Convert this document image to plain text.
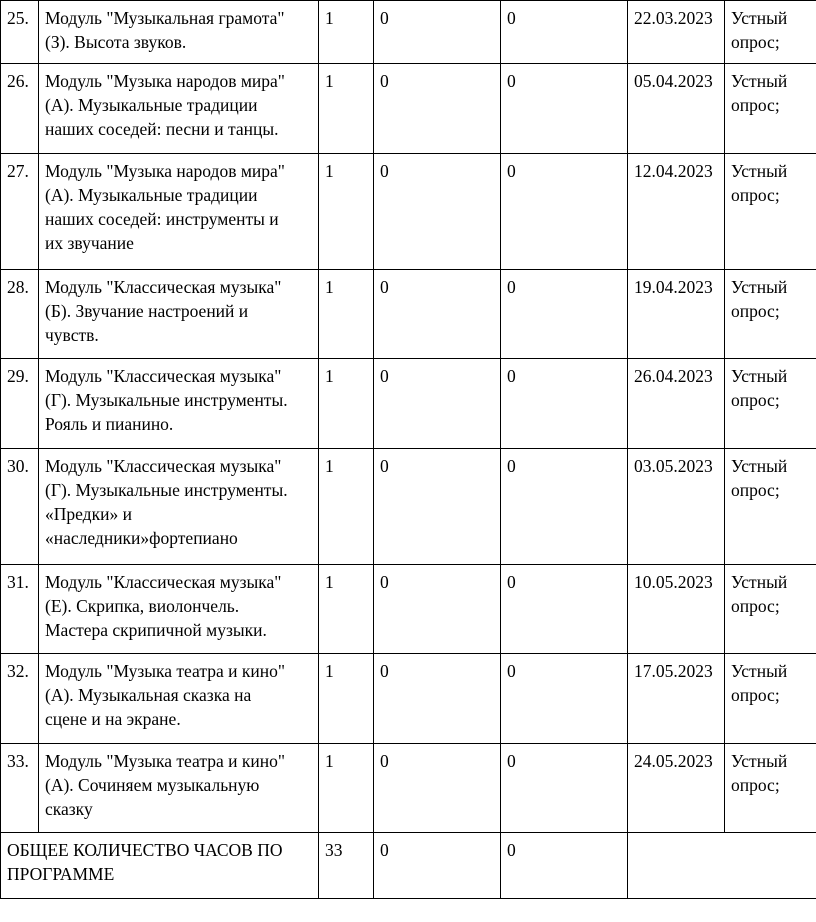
25.	Модуль "Музыкальная грамота"
(З). Высота звуков.	1	0	0	22.03.2023	Устный
опрос;

26.	Модуль "Музыка народов мира"
(А). Музыкальные традиции
наших соседей: песни и танцы.	1	0	0	05.04.2023	Устный
опрос;

27.	Модуль "Музыка народов мира"
(А). Музыкальные традиции
наших соседей: инструменты и
их звучание	1	0	0	12.04.2023	Устный
опрос;

28.	Модуль "Классическая музыка"
(Б). Звучание настроений и
чувств.	1	0	0	19.04.2023	Устный
опрос;

29.	Модуль "Классическая музыка"
(Г). Музыкальные инструменты.
Рояль и пианино.	1	0	0	26.04.2023	Устный
опрос;

30.	Модуль "Классическая музыка"
(Г). Музыкальные инструменты.
«Предки» и
«наследники»фортепиано	1	0	0	03.05.2023	Устный
опрос;

31.	Модуль "Классическая музыка"
(Е). Скрипка, виолончель.
Мастера скрипичной музыки.	1	0	0	10.05.2023	Устный
опрос;

32.	Модуль "Музыка театра и кино"
(А). Музыкальная сказка на
сцене и на экране.	1	0	0	17.05.2023	Устный
опрос;

33.	Модуль "Музыка театра и кино"
(А). Сочиняем музыкальную
сказку	1	0	0	24.05.2023	Устный
опрос;

ОБЩЕЕ КОЛИЧЕСТВО ЧАСОВ ПО
ПРОГРАММЕ		33	0	0		
